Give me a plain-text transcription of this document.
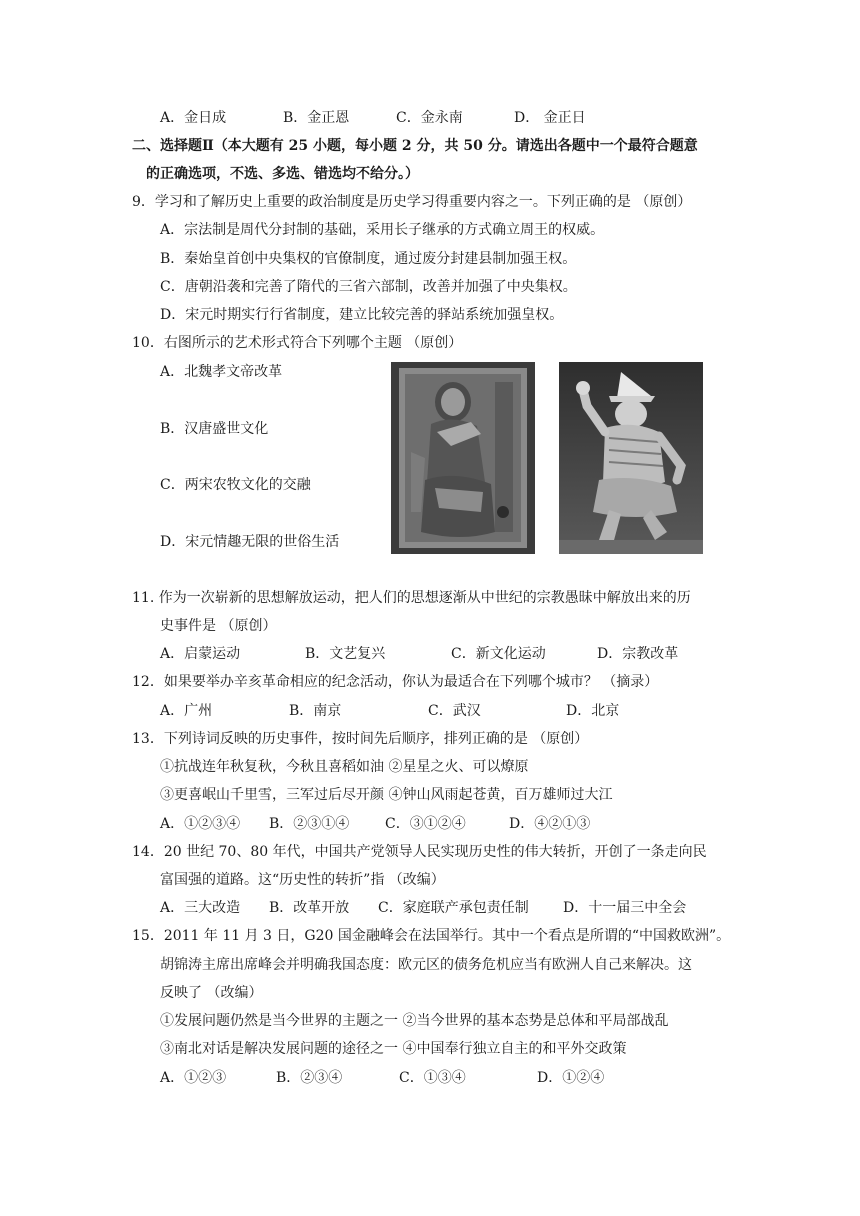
A．金日成	B．金正恩	C．金永南	D． 金正日
二、选择题Ⅱ（本大题有 25 小题，每小题 2 分，共 50 分。请选出各题中一个最符合题意
的正确选项，不选、多选、错选均不给分。）
9．学习和了解历史上重要的政治制度是历史学习得重要内容之一。下列正确的是 （原创）
A．宗法制是周代分封制的基础，采用长子继承的方式确立周王的权威。
B．秦始皇首创中央集权的官僚制度，通过废分封建县制加强王权。
C．唐朝沿袭和完善了隋代的三省六部制，改善并加强了中央集权。
D．宋元时期实行行省制度，建立比较完善的驿站系统加强皇权。
10．右图所示的艺术形式符合下列哪个主题 （原创）
A．北魏孝文帝改革
B．汉唐盛世文化
C．两宋农牧文化的交融
D．宋元情趣无限的世俗生活
11. 作为一次崭新的思想解放运动，把人们的思想逐渐从中世纪的宗教愚昧中解放出来的历
史事件是 （原创）
A．启蒙运动	B．文艺复兴	C．新文化运动	D．宗教改革
12．如果要举办辛亥革命相应的纪念活动，你认为最适合在下列哪个城市？ （摘录）
A．广州	B．南京	C．武汉	D．北京
13．下列诗词反映的历史事件，按时间先后顺序，排列正确的是 （原创）
①抗战连年秋复秋，今秋且喜稻如油 ②星星之火、可以燎原
③更喜岷山千里雪，三军过后尽开颜 ④钟山风雨起苍黄，百万雄师过大江
A．①②③④ B．②③①④	C．③①②④	D．④②①③
14．20 世纪 70、80 年代，中国共产党领导人民实现历史性的伟大转折，开创了一条走向民
富国强的道路。这“历史性的转折”指 （改编）
A．三大改造 B．改革开放 C．家庭联产承包责任制 D．十一届三中全会
15．2011 年 11 月 3 日，G20 国金融峰会在法国举行。其中一个看点是所谓的“中国救欧洲”。
胡锦涛主席出席峰会并明确我国态度：欧元区的债务危机应当有欧洲人自己来解决。这
反映了 （改编）
①发展问题仍然是当今世界的主题之一 ②当今世界的基本态势是总体和平局部战乱
③南北对话是解决发展问题的途径之一 ④中国奉行独立自主的和平外交政策
A．①②③	B．②③④	C．①③④	D．①②④
